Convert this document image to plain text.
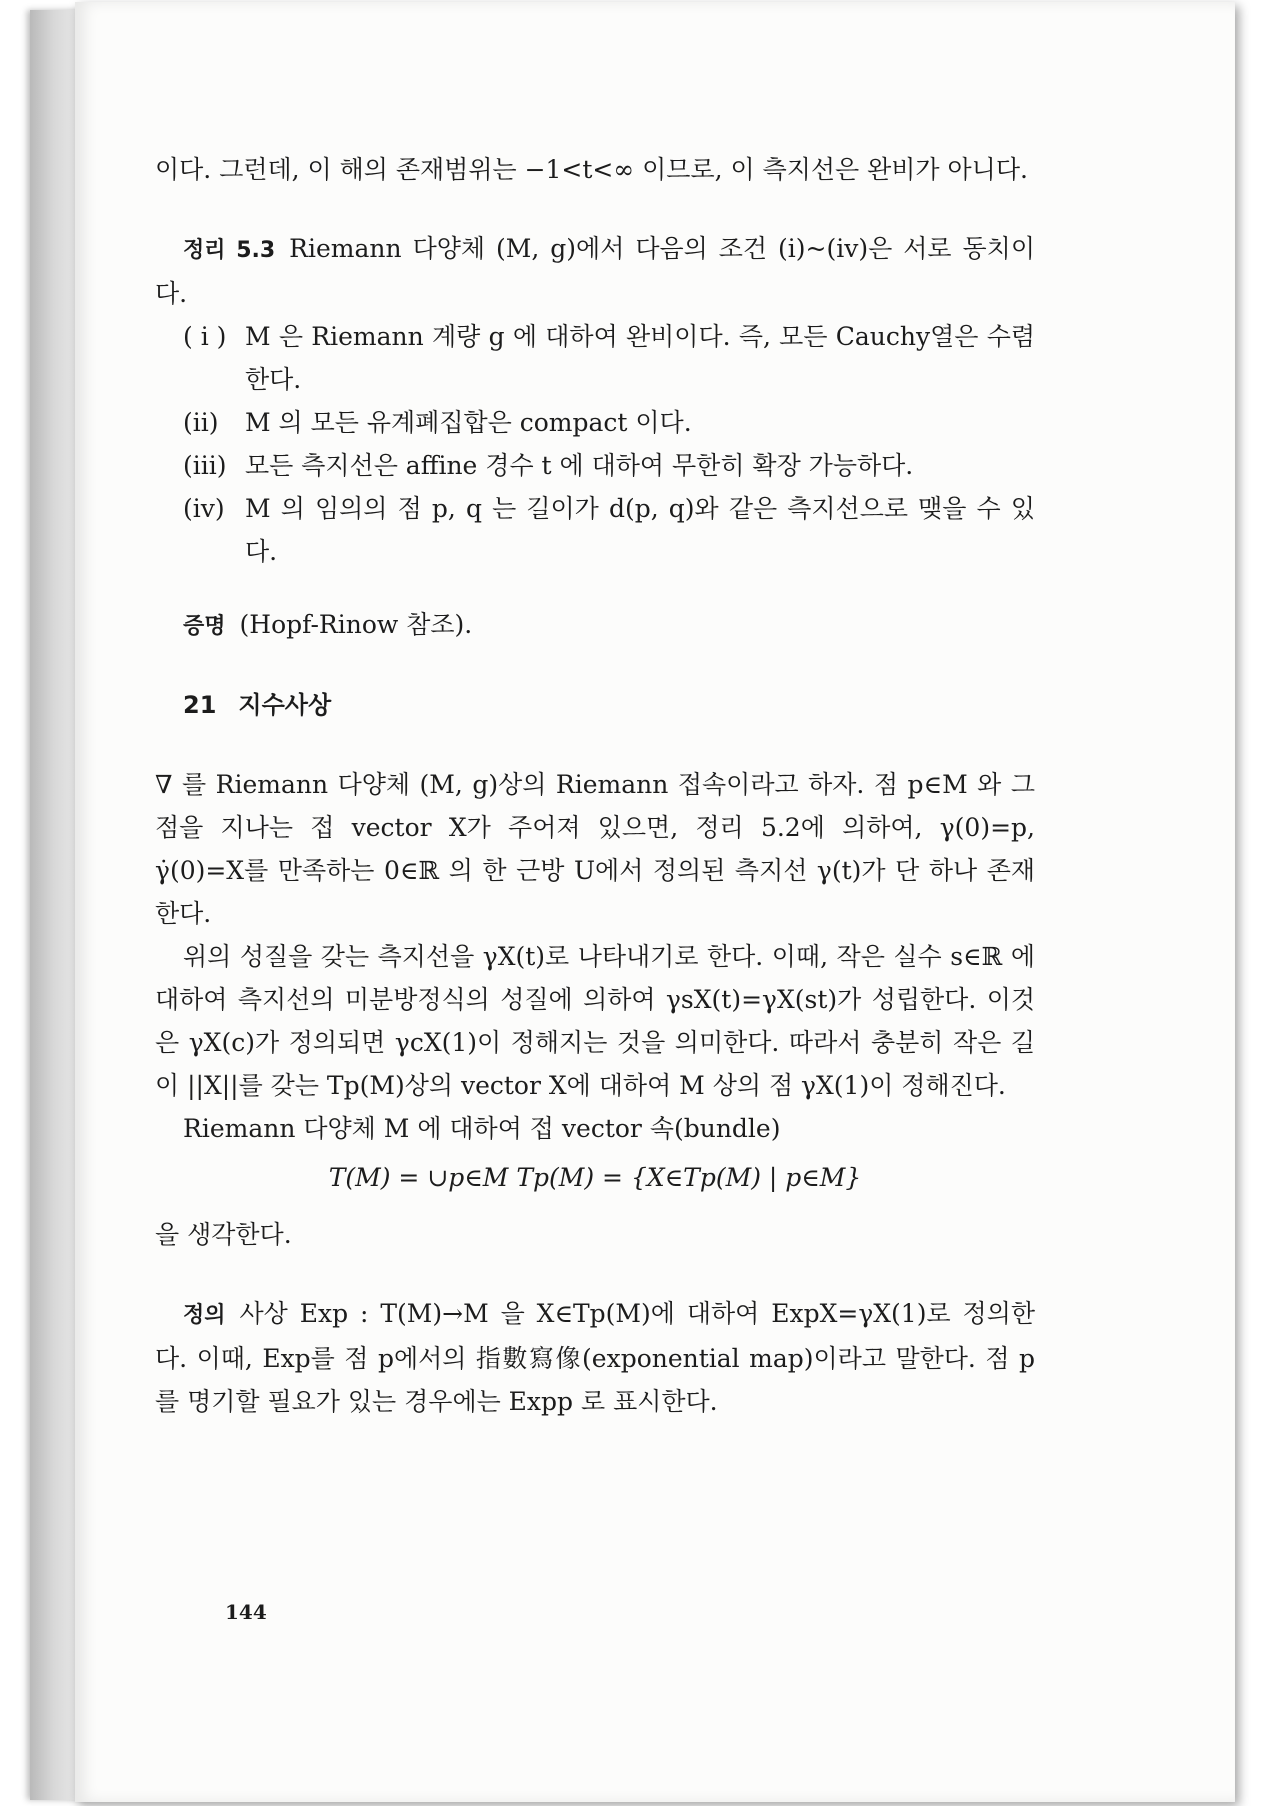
이다. 그런데, 이 해의 존재범위는 −1<t<∞ 이므로, 이 측지선은 완비가 아니다.

정리 5.3 Riemann 다양체 (M, g)에서 다음의 조건 (i)~(iv)은 서로 동치이다.

( i ) M 은 Riemann 계량 g 에 대하여 완비이다. 즉, 모든 Cauchy열은 수렴한다.
(ii)	M 의 모든 유계폐집합은 compact 이다.
(iii) 모든 측지선은 affine 경수 t 에 대하여 무한히 확장 가능하다.
(iv) M 의 임의의 점 p, q 는 길이가 d(p, q)와 같은 측지선으로 맺을 수 있다.

증명 (Hopf-Rinow 참조).

21 지수사상

∇ 를 Riemann 다양체 (M, g)상의 Riemann 접속이라고 하자. 점 p∈M 와 그 점을 지나는 접 vector X가 주어져 있으면, 정리 5.2에 의하여, γ(0)=p, γ̇(0)=X를 만족하는 0∈ℝ 의 한 근방 U에서 정의된 측지선 γ(t)가 단 하나 존재한다.

위의 성질을 갖는 측지선을 γX(t)로 나타내기로 한다. 이때, 작은 실수 s∈ℝ 에 대하여 측지선의 미분방정식의 성질에 의하여 γsX(t)=γX(st)가 성립한다. 이것은 γX(c)가 정의되면 γcX(1)이 정해지는 것을 의미한다. 따라서 충분히 작은 길이 ||X||를 갖는 Tp(M)상의 vector X에 대하여 M 상의 점 γX(1)이 정해진다.

Riemann 다양체 M 에 대하여 접 vector 속(bundle)

T(M) = ∪p∈M Tp(M) = {X∈Tp(M) | p∈M}

을 생각한다.

정의 사상 Exp : T(M)→M 을 X∈Tp(M)에 대하여 ExpX=γX(1)로 정의한다. 이때, Exp를 점 p에서의 指數寫像(exponential map)이라고 말한다. 점 p를 명기할 필요가 있는 경우에는 Expp 로 표시한다.

144
